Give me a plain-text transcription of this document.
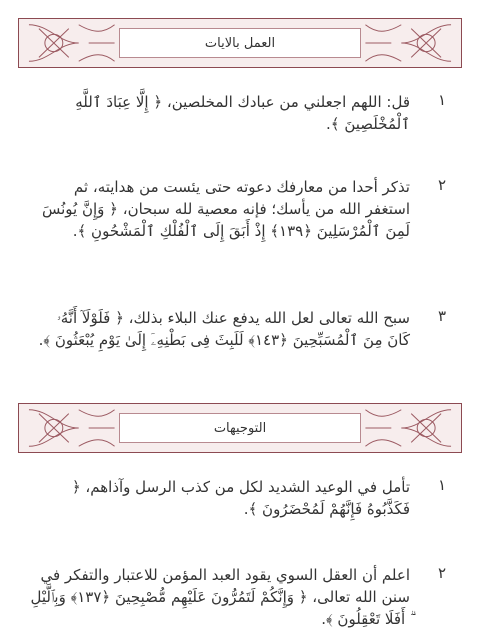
العمل بالايات
١
قل: اللهم اجعلني من عبادك المخلصين، ﴿ إِلَّا عِبَادَ ٱللَّهِ ٱلْمُخْلَصِينَ ﴾.
٢
تذكر أحدا من معارفك دعوته حتى يئست من هدايته، ثم استغفر الله من يأسك؛ فإنه معصية لله سبحان، ﴿ وَإِنَّ يُونُسَ لَمِنَ ٱلْمُرْسَلِينَ ﴿١٣٩﴾ إِذْ أَبَقَ إِلَى ٱلْفُلْكِ ٱلْمَشْحُونِ ﴾.
٣
سبح الله تعالى لعل الله يدفع عنك البلاء بذلك، ﴿ فَلَوْلَآ أَنَّهُۥ كَانَ مِنَ ٱلْمُسَبِّحِينَ ﴿١٤٣﴾ لَلَبِثَ فِى بَطْنِهِۦٓ إِلَىٰ يَوْمِ يُبْعَثُونَ ﴾.
التوجيهات
١
تأمل في الوعيد الشديد لكل من كذب الرسل وآذاهم، ﴿ فَكَذَّبُوهُ فَإِنَّهُمْ لَمُحْضَرُونَ ﴾.
٢
اعلم أن العقل السوي يقود العبد المؤمن للاعتبار والتفكر في سنن الله تعالى، ﴿ وَإِنَّكُمْ لَتَمُرُّونَ عَلَيْهِم مُّصْبِحِينَ ﴿١٣٧﴾ وَبِٱلَّيْلِ ۗ أَفَلَا تَعْقِلُونَ ﴾.
